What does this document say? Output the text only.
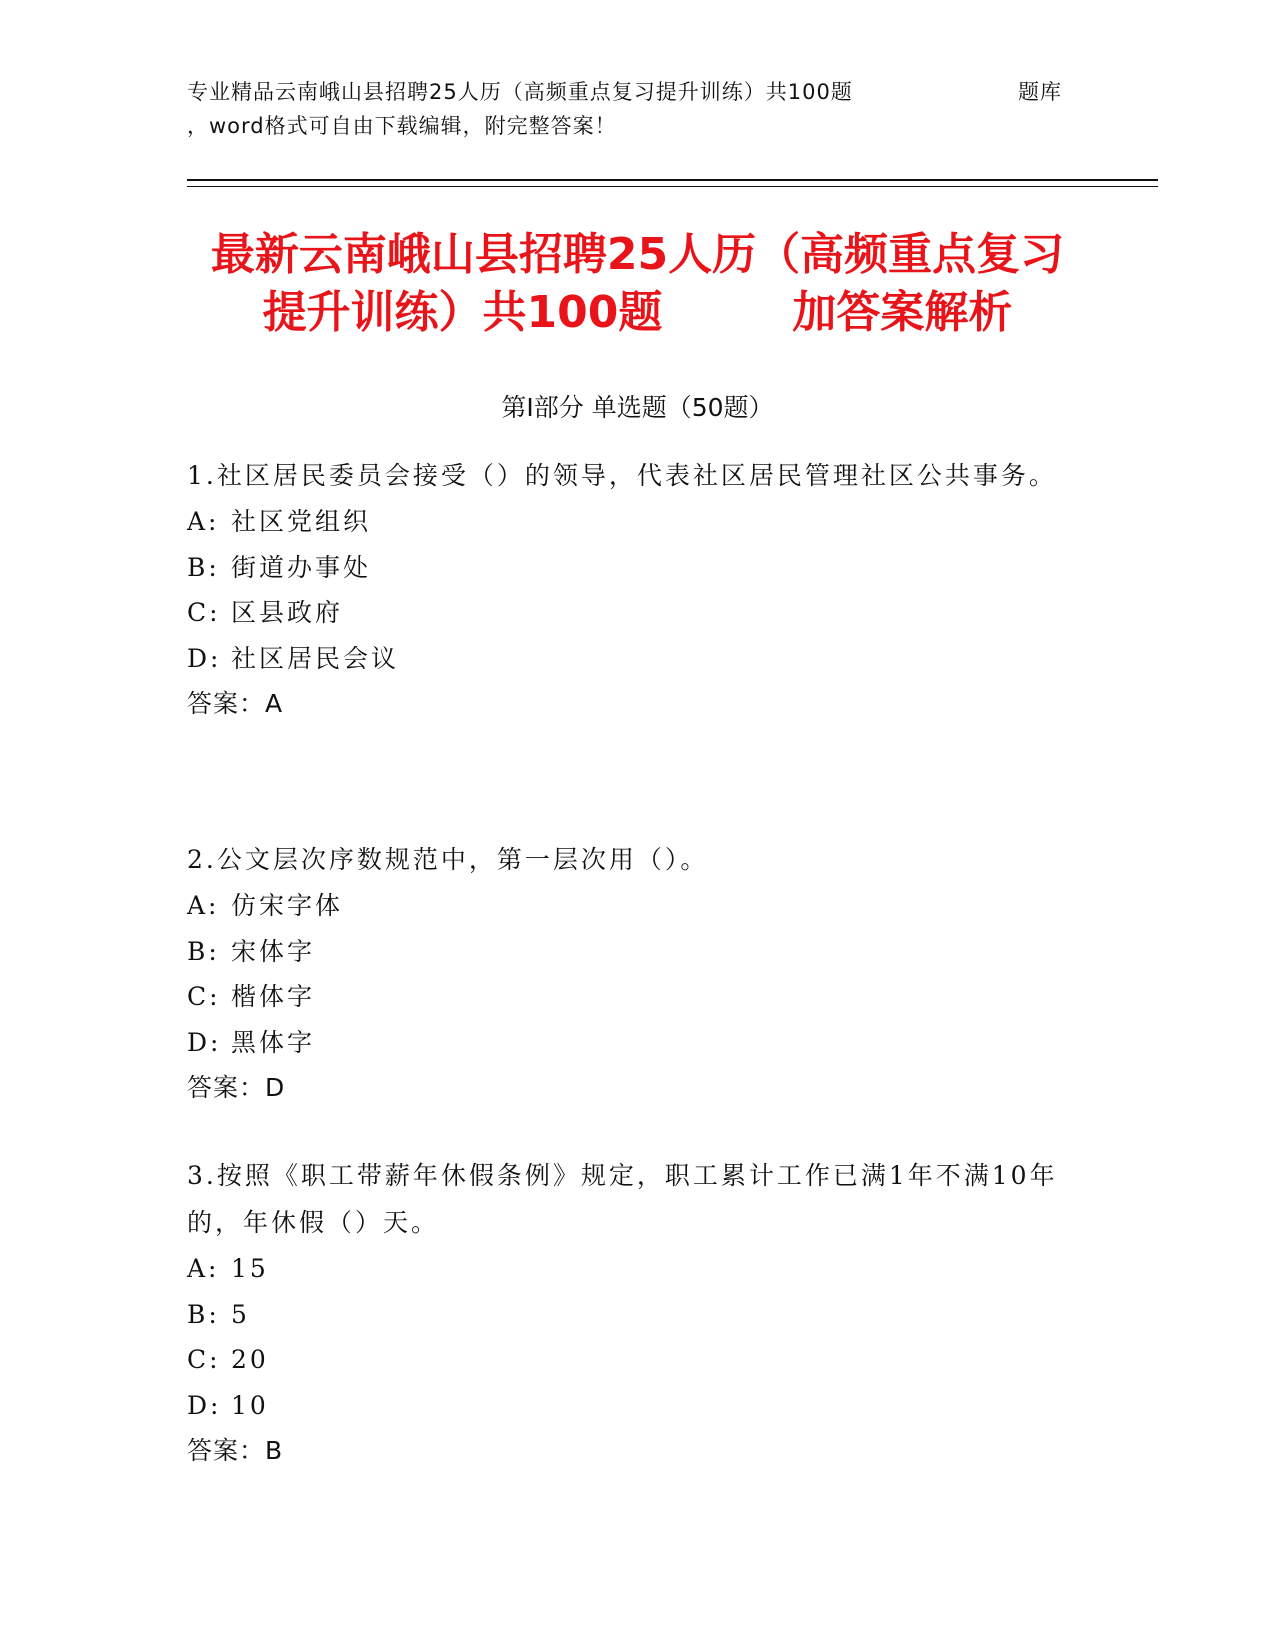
专业精品云南峨山县招聘25人历（高频重点复习提升训练）共100题	题库
，word格式可自由下载编辑，附完整答案！
最新云南峨山县招聘25人历（高频重点复习
提升训练）共100题	加答案解析
第Ⅰ部分 单选题（50题）
1.社区居民委员会接受（）的领导，代表社区居民管理社区公共事务。
A: 社区党组织
B: 街道办事处
C: 区县政府
D: 社区居民会议
答案：A
2.公文层次序数规范中，第一层次用（）。
A: 仿宋字体
B: 宋体字
C: 楷体字
D: 黑体字
答案：D
3.按照《职工带薪年休假条例》规定，职工累计工作已满1年不满10年的，年休假（）天。
A: 15
B: 5
C: 20
D: 10
答案：B
